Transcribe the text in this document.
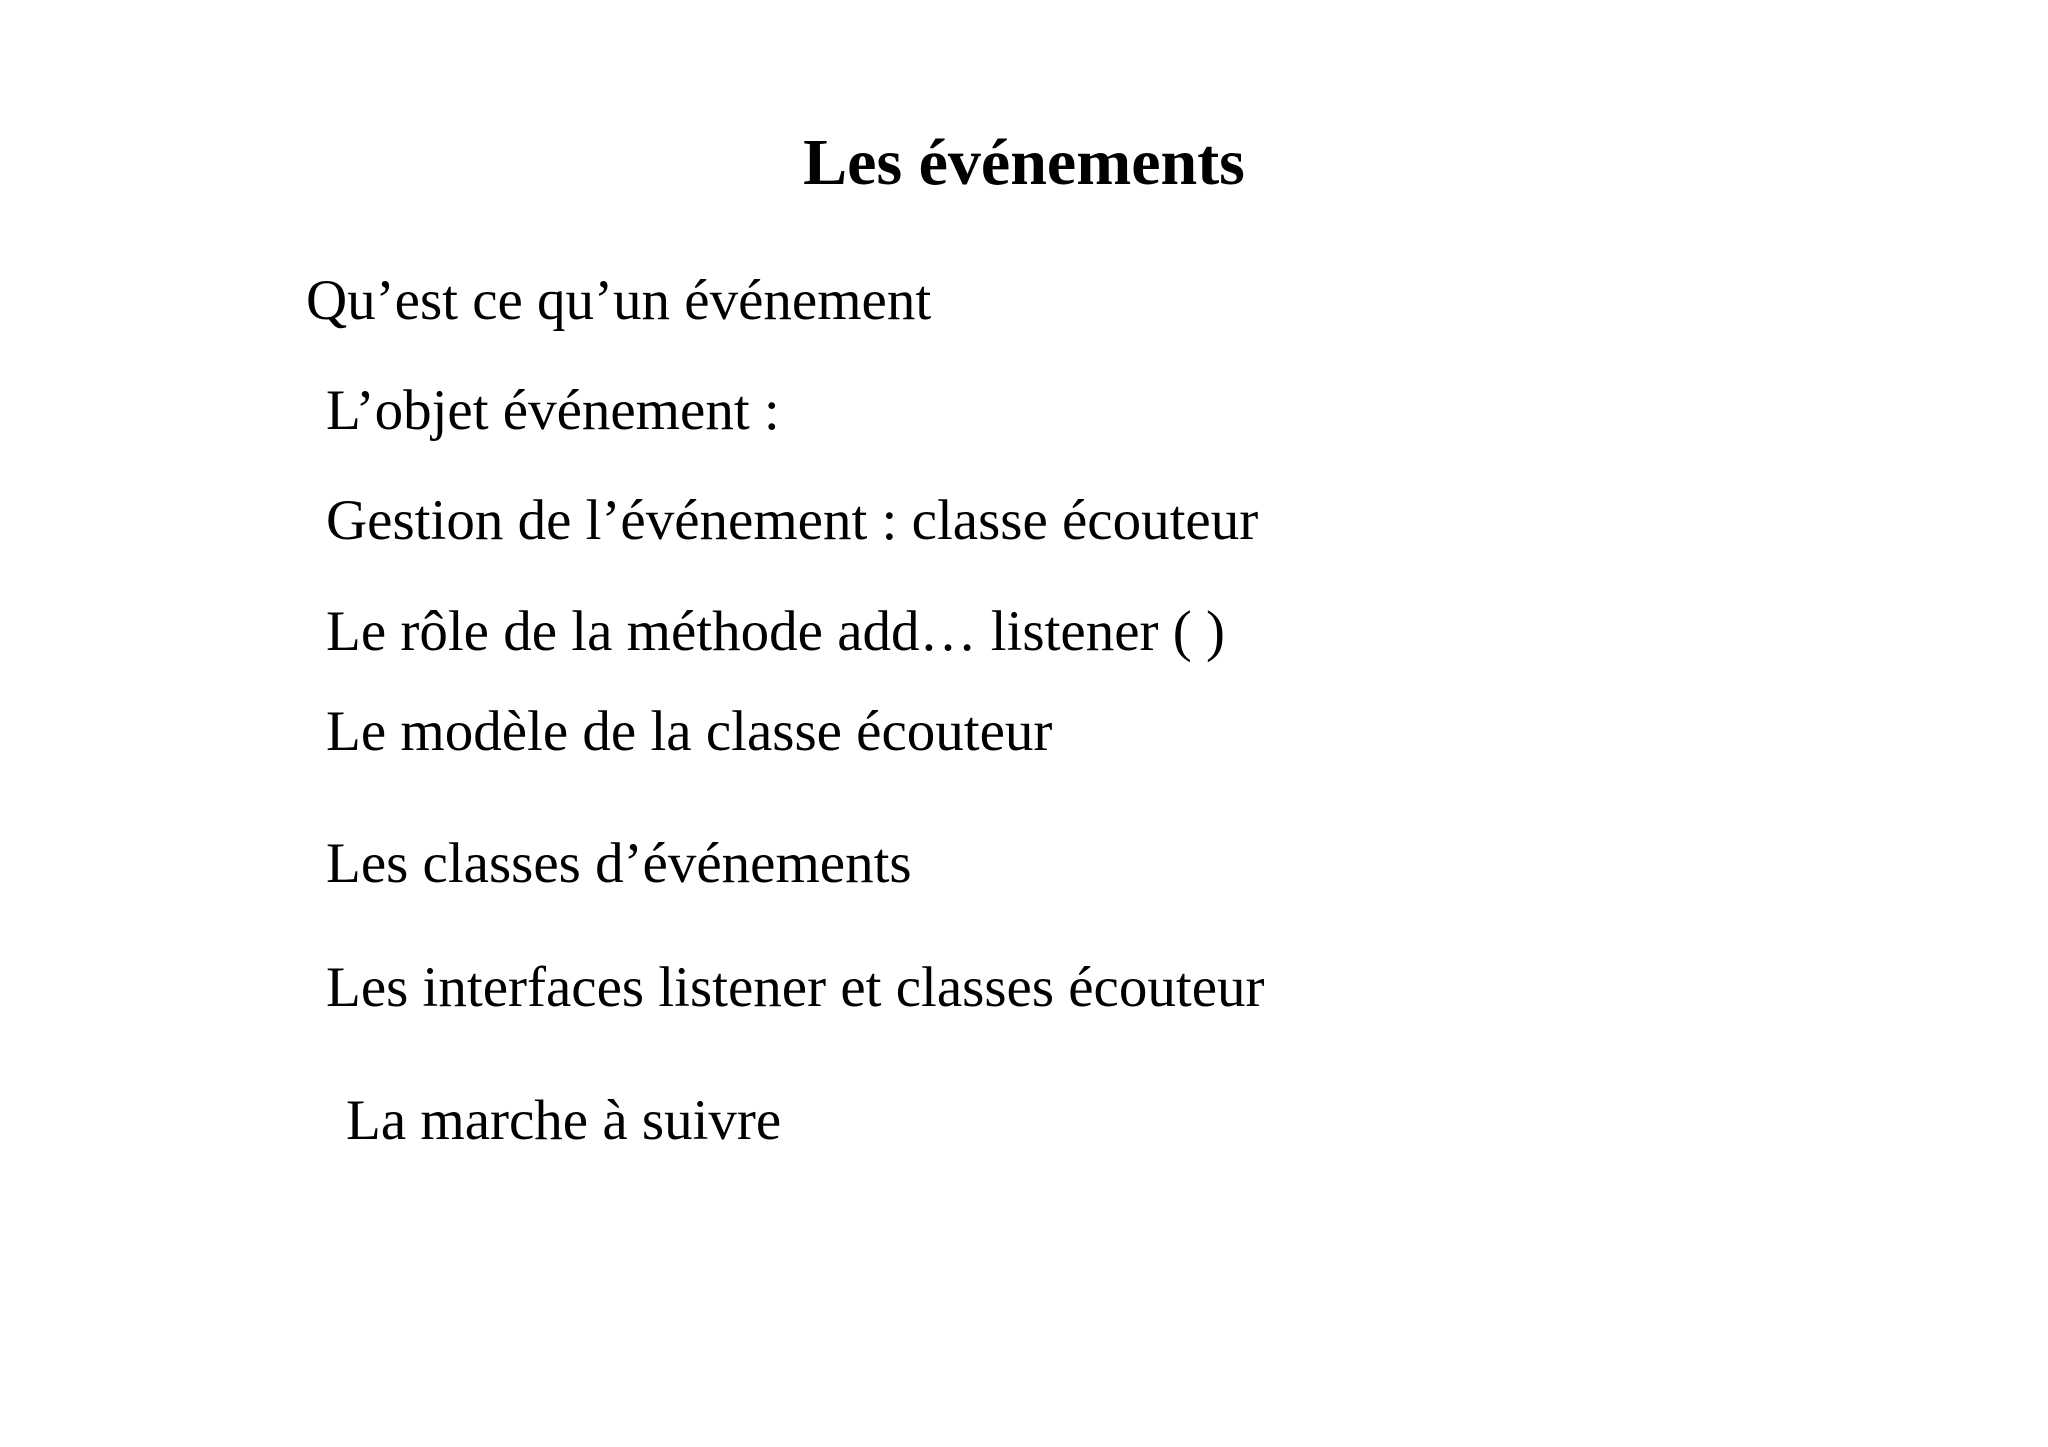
Les événements
Qu’est ce qu’un événement
L’objet événement :
Gestion de l’événement : classe écouteur
Le rôle de la méthode add… listener ( )
Le modèle de la classe écouteur
Les classes d’événements
Les interfaces listener et classes écouteur
La marche à suivre
